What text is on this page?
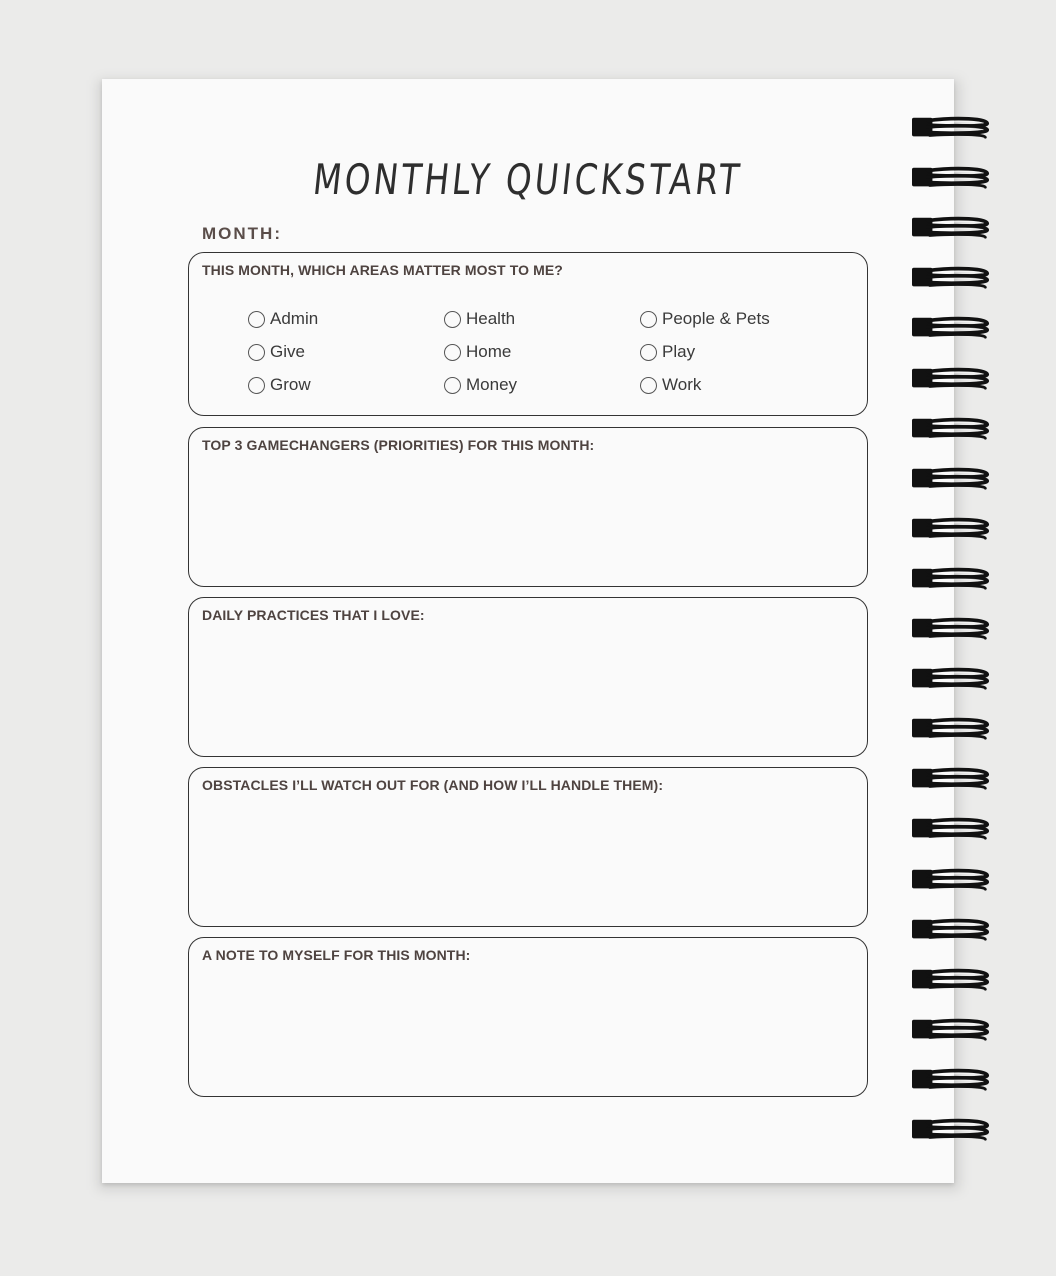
MONTHLY QUICKSTART
MONTH:
THIS MONTH, WHICH AREAS MATTER MOST TO ME?
Admin	Health	People & Pets
Give	Home	Play
Grow	Money	Work
TOP 3 GAMECHANGERS (PRIORITIES) FOR THIS MONTH:
DAILY PRACTICES THAT I LOVE:
OBSTACLES I’LL WATCH OUT FOR (AND HOW I’LL HANDLE THEM):
A NOTE TO MYSELF FOR THIS MONTH:
